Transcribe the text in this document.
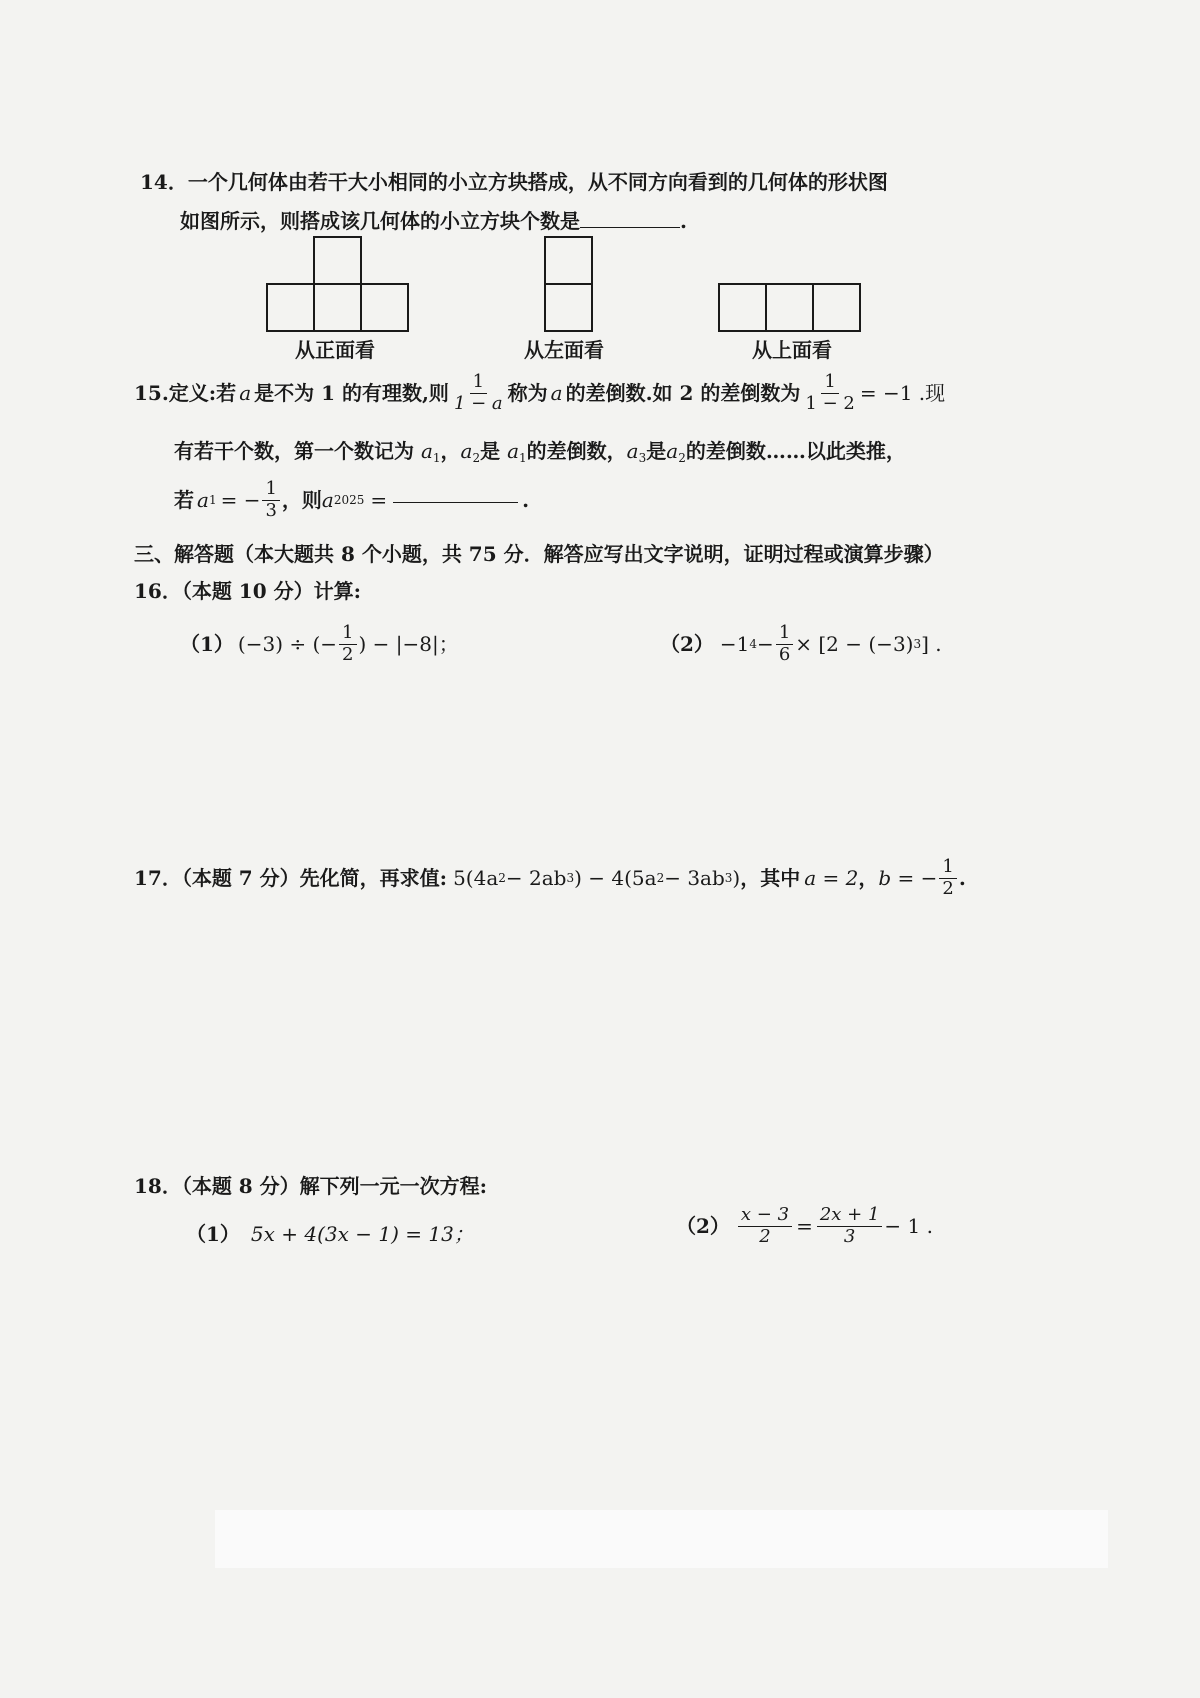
14．一个几何体由若干大小相同的小立方块搭成，从不同方向看到的几何体的形状图
如图所示，则搭成该几何体的小立方块个数是	.
从正面看	从左面看	从上面看
15. 定义:若 a 是不为 1 的有理数,则 $\frac{1}{1 - a}$ 称为 a 的差倒数.如 2 的差倒数为 $\frac{1}{1 - 2} = -1$ .现
有若干个数，第一个数记为 $a_1$，$a_2$是 $a_1$的差倒数，$a_3$是$a_2$的差倒数……以此类推，
若 a 1 = − $\frac{1}{3}$ ，则 a 2025 =	.
三、解答题（本大题共 8 个小题，共 75 分．解答应写出文字说明，证明过程或演算步骤）
16．（本题 10 分）计算:
（1） (−3) ÷ (− $\frac{1}{2}$ ) − |−8|；	（2） −1 $4 - \frac{1}{6} \times [2 - (-3)$ 3 ] .
17．（本题 7 分）先化简，再求值: 5(4a 2 − 2ab 3 ) − 4(5a 2 − 3ab 3 ) ，其中 a = 2 ， b = − $\frac{1}{2}$ .
18．（本题 8 分）解下列一元一次方程:
（1） 5x + 4(3x − 1) = 13；	$(2) \frac{x - 3}{2} = \frac{2x + 1}{3} - 1$ .
